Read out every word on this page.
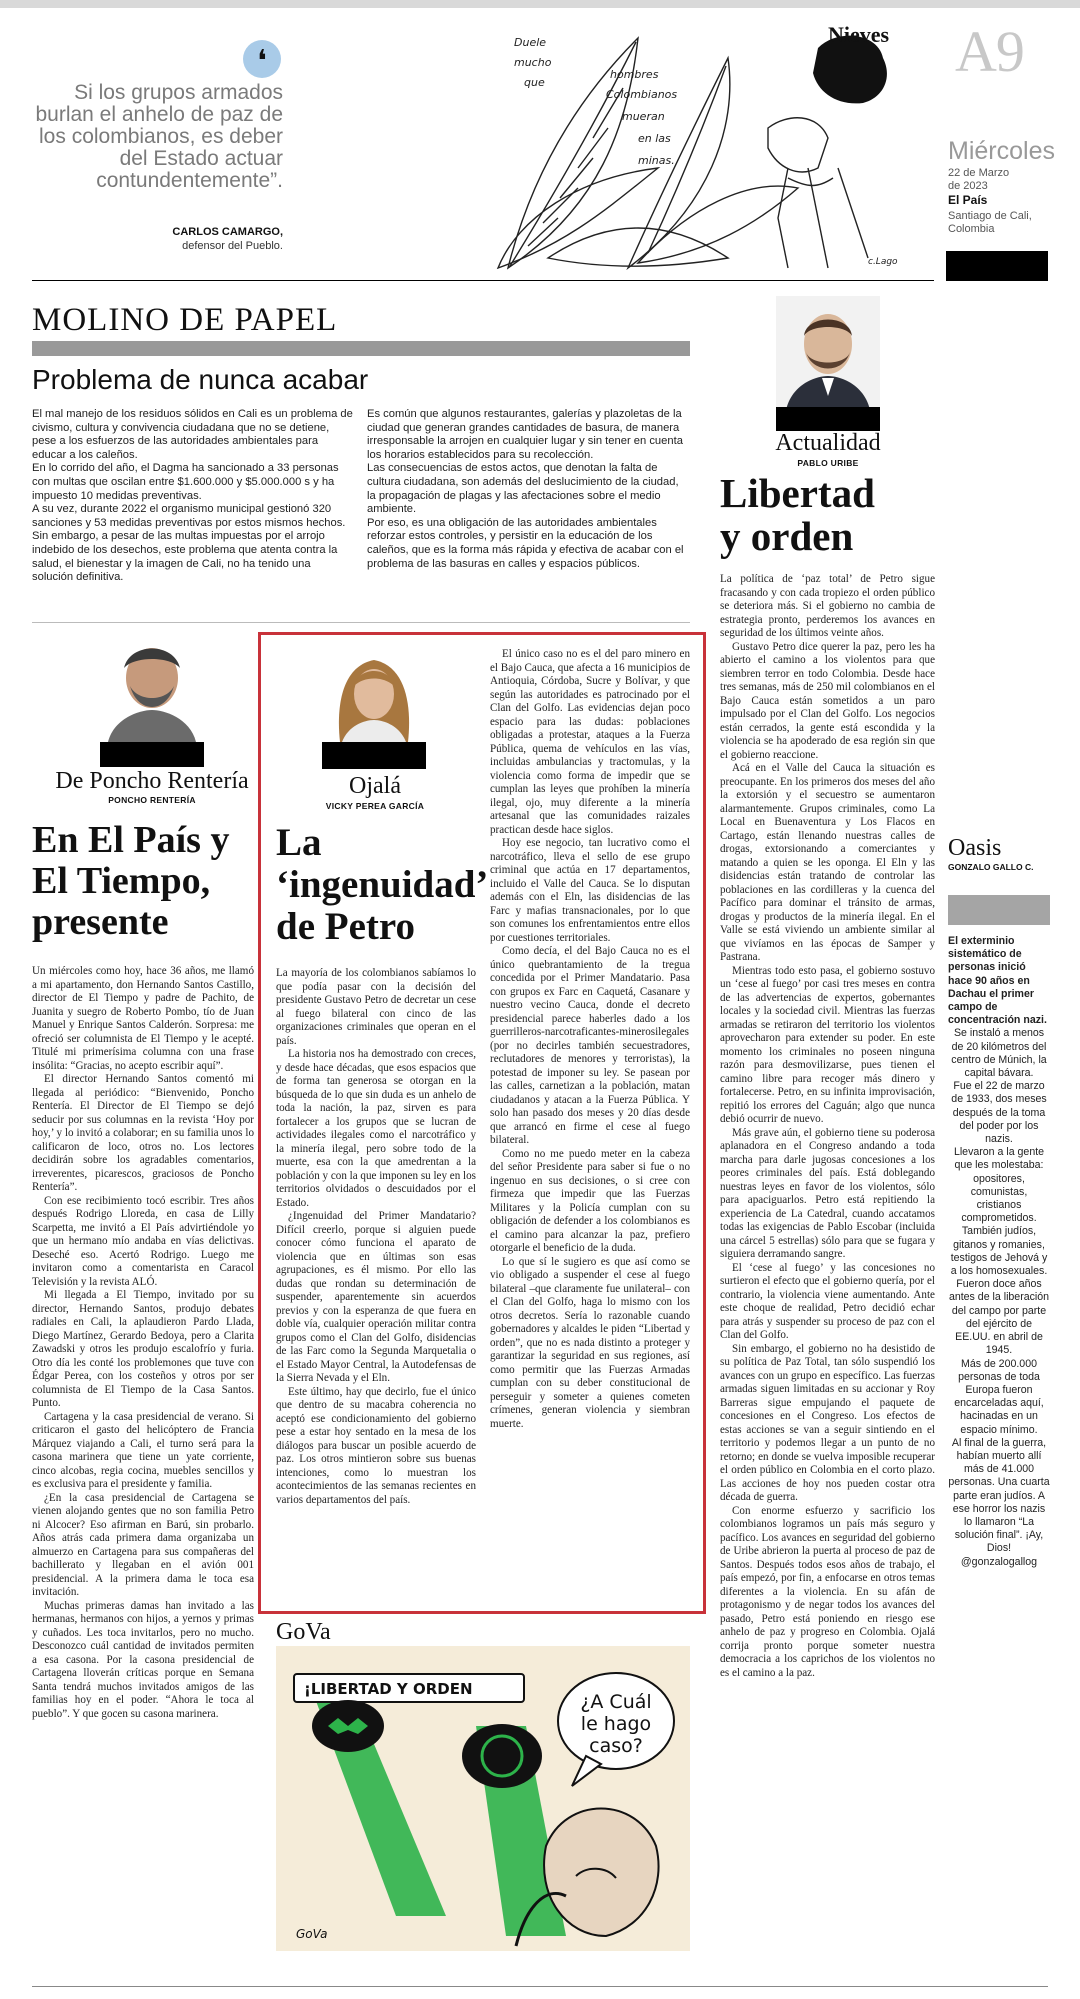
❛
Si los grupos armados burlan el anhelo de paz de los colombianos, es deber del Estado actuar contundentemente”.
CARLOS CAMARGO,
defensor del Pueblo.
Duele
mucho
que
hombres
Colombianos
mueran
en las
minas.
c.Lago
Nieves A9
Miércoles
22 de Marzo
de 2023
El País
Santiago de Cali,
Colombia
MOLINO DE PAPEL
Problema de nunca acabar

El mal manejo de los residuos sólidos en Cali es un problema de civismo, cultura y convivencia ciudadana que no se detiene, pese a los esfuerzos de las autoridades ambientales para educar a los caleños.

En lo corrido del año, el Dagma ha sancionado a 33 personas con multas que oscilan entre $1.600.000 y $5.000.000 s y ha impuesto 10 medidas preventivas.

A su vez, durante 2022 el organismo municipal gestionó 320 sanciones y 53 medidas preventivas por estos mismos hechos.

Sin embargo, a pesar de las multas impuestas por el arrojo indebido de los desechos, este problema que atenta contra la salud, el bienestar y la imagen de Cali, no ha tenido una solución definitiva.

Es común que algunos restaurantes, galerías y plazoletas de la ciudad que generan grandes cantidades de basura, de manera irresponsable la arrojen en cualquier lugar y sin tener en cuenta los horarios establecidos para su recolección.

Las consecuencias de estos actos, que denotan la falta de cultura ciudadana, son además del deslucimiento de la ciudad, la propagación de plagas y las afectaciones sobre el medio ambiente.

Por eso, es una obligación de las autoridades ambientales reforzar estos controles, y persistir en la educación de los caleños, que es la forma más rápida y efectiva de acabar con el problema de las basuras en calles y espacios públicos.

Actualidad
PABLO URIBE
Libertad
y orden

La política de ‘paz total’ de Petro sigue fracasando y con cada tropiezo el orden público se deteriora más. Si el gobierno no cambia de estrategia pronto, perderemos los avances en seguridad de los últimos veinte años.

Gustavo Petro dice querer la paz, pero les ha abierto el camino a los violentos para que siembren terror en todo Colombia. Desde hace tres semanas, más de 250 mil colombianos en el Bajo Cauca están sometidos a un paro impulsado por el Clan del Golfo. Los negocios están cerrados, la gente está escondida y la violencia se ha apoderado de esa región sin que el gobierno reaccione.

Acá en el Valle del Cauca la situación es preocupante. En los primeros dos meses del año la extorsión y el secuestro se aumentaron alarmantemente. Grupos criminales, como La Local en Buenaventura y Los Flacos en Cartago, están llenando nuestras calles de drogas, extorsionando a comerciantes y matando a quien se les oponga. El Eln y las disidencias están tratando de controlar las poblaciones en las cordilleras y la cuenca del Pacífico para dominar el tránsito de armas, drogas y productos de la minería ilegal. En el Valle se está viviendo un ambiente similar al que vivíamos en las épocas de Samper y Pastrana.

Mientras todo esto pasa, el gobierno sostuvo un ‘cese al fuego’ por casi tres meses en contra de las advertencias de expertos, gobernantes locales y la sociedad civil. Mientras las fuerzas armadas se retiraron del territorio los violentos aprovecharon para extender su poder. En este momento los criminales no poseen ninguna razón para desmovilizarse, pues tienen el camino libre para recoger más dinero y fortalecerse. Petro, en su infinita improvisación, repitió los errores del Caguán; algo que nunca debió ocurrir de nuevo.

Más grave aún, el gobierno tiene su poderosa aplanadora en el Congreso andando a toda marcha para darle jugosas concesiones a los peores criminales del país. Está doblegando nuestras leyes en favor de los violentos, sólo para apaciguarlos. Petro está repitiendo la experiencia de La Catedral, cuando accatamos todas las exigencias de Pablo Escobar (incluida una cárcel 5 estrellas) sólo para que se fugara y siguiera derramando sangre.

El ‘cese al fuego’ y las concesiones no surtieron el efecto que el gobierno quería, por el contrario, la violencia viene aumentando. Ante este choque de realidad, Petro decidió echar para atrás y suspender su proceso de paz con el Clan del Golfo.

Sin embargo, el gobierno no ha desistido de su política de Paz Total, tan sólo suspendió los avances con un grupo en específico. Las fuerzas armadas siguen limitadas en su accionar y Roy Barreras sigue empujando el paquete de concesiones en el Congreso. Los efectos de estas acciones se van a seguir sintiendo en el territorio y podemos llegar a un punto de no retorno; en donde se vuelva imposible recuperar el orden público en Colombia en el corto plazo. Las acciones de hoy nos pueden costar otra década de guerra.

Con enorme esfuerzo y sacrificio los colombianos logramos un país más seguro y pacífico. Los avances en seguridad del gobierno de Uribe abrieron la puerta al proceso de paz de Santos. Después todos esos años de trabajo, el país empezó, por fin, a enfocarse en otros temas diferentes a la violencia. En su afán de protagonismo y de negar todos los avances del pasado, Petro está poniendo en riesgo ese anhelo de paz y progreso en Colombia. Ojalá corrija pronto porque someter nuestra democracia a los caprichos de los violentos no es el camino a la paz.

De Poncho Rentería
PONCHO RENTERÍA
En El País y
El Tiempo,
presente

Un miércoles como hoy, hace 36 años, me llamó a mi apartamento, don Hernando Santos Castillo, director de El Tiempo y padre de Pachito, de Juanita y suegro de Roberto Pombo, tío de Juan Manuel y Enrique Santos Calderón. Sorpresa: me ofreció ser columnista de El Tiempo y le acepté. Titulé mi primerísima columna con una frase insólita: “Gracias, no acepto escribir aquí”.

El director Hernando Santos comentó mi llegada al periódico: “Bienvenido, Poncho Rentería. El Director de El Tiempo se dejó seducir por sus columnas en la revista ‘Hoy por hoy,’ y lo invitó a colaborar; en su familia unos lo calificaron de loco, otros no. Los lectores decidirán sobre los agradables comentarios, irreverentes, picarescos, graciosos de Poncho Rentería”.

Con ese recibimiento tocó escribir. Tres años después Rodrigo Lloreda, en casa de Lilly Scarpetta, me invitó a El País advirtiéndole yo que un hermano mío andaba en vías delictivas. Deseché eso. Acertó Rodrigo. Luego me invitaron como a comentarista en Caracol Televisión y la revista ALÓ.

Mi llegada a El Tiempo, invitado por su director, Hernando Santos, produjo debates radiales en Cali, la aplaudieron Pardo Llada, Diego Martínez, Gerardo Bedoya, pero a Clarita Zawadski y otros les produjo escalofrío y furia. Otro día les conté los problemones que tuve con Édgar Perea, con los costeños y otros por ser columnista de El Tiempo de la Casa Santos. Punto.

Cartagena y la casa presidencial de verano. Si criticaron el gasto del helicóptero de Francia Márquez viajando a Cali, el turno será para la casona marinera que tiene un yate corriente, cinco alcobas, regia cocina, muebles sencillos y es exclusiva para el presidente y familia.

¿En la casa presidencial de Cartagena se vienen alojando gentes que no son familia Petro ni Alcocer? Eso afirman en Barú, sin probarlo. Años atrás cada primera dama organizaba un almuerzo en Cartagena para sus compañeras del bachillerato y llegaban en el avión 001 presidencial. A la primera dama le toca esa invitación.

Muchas primeras damas han invitado a las hermanas, hermanos con hijos, a yernos y primas y cuñados. Les toca invitarlos, pero no mucho. Desconozco cuál cantidad de invitados permiten a esa casona. Por la casona presidencial de Cartagena lloverán críticas porque en Semana Santa tendrá muchos invitados amigos de las familias hoy en el poder. “Ahora le toca al pueblo”. Y que gocen su casona marinera.

Ojalá
VICKY PEREA GARCÍA
La
‘ingenuidad’
de Petro

La mayoría de los colombianos sabíamos lo que podía pasar con la decisión del presidente Gustavo Petro de decretar un cese al fuego bilateral con cinco de las organizaciones criminales que operan en el país.

La historia nos ha demostrado con creces, y desde hace décadas, que esos espacios que de forma tan generosa se otorgan en la búsqueda de lo que sin duda es un anhelo de toda la nación, la paz, sirven es para fortalecer a los grupos que se lucran de actividades ilegales como el narcotráfico y la minería ilegal, pero sobre todo de la muerte, esa con la que amedrentan a la población y con la que imponen su ley en los territorios olvidados o descuidados por el Estado.

¿Ingenuidad del Primer Mandatario? Difícil creerlo, porque si alguien puede conocer cómo funciona el aparato de violencia que en últimas son esas agrupaciones, es él mismo. Por ello las dudas que rondan su determinación de suspender, aparentemente sin acuerdos previos y con la esperanza de que fuera en doble vía, cualquier operación militar contra grupos como el Clan del Golfo, disidencias de las Farc como la Segunda Marquetalia o el Estado Mayor Central, la Autodefensas de la Sierra Nevada y el Eln.

Este último, hay que decirlo, fue el único que dentro de su macabra coherencia no aceptó ese condicionamiento del gobierno pese a estar hoy sentado en la mesa de los diálogos para buscar un posible acuerdo de paz. Los otros mintieron sobre sus buenas intenciones, como lo muestran los acontecimientos de las semanas recientes en varios departamentos del país.

El único caso no es el del paro minero en el Bajo Cauca, que afecta a 16 municipios de Antioquia, Córdoba, Sucre y Bolívar, y que según las autoridades es patrocinado por el Clan del Golfo. Las evidencias dejan poco espacio para las dudas: poblaciones obligadas a protestar, ataques a la Fuerza Pública, quema de vehículos en las vías, incluidas ambulancias y tractomulas, y la violencia como forma de impedir que se cumplan las leyes que prohíben la minería ilegal, ojo, muy diferente a la minería artesanal que las comunidades raizales practican desde hace siglos.

Hoy ese negocio, tan lucrativo como el narcotráfico, lleva el sello de ese grupo criminal que actúa en 17 departamentos, incluido el Valle del Cauca. Se lo disputan además con el Eln, las disidencias de las Farc y mafias transnacionales, por lo que son comunes los enfrentamientos entre ellos por cuestiones territoriales.

Como decía, el del Bajo Cauca no es el único quebrantamiento de la tregua concedida por el Primer Mandatario. Pasa con grupos ex Farc en Caquetá, Casanare y nuestro vecino Cauca, donde el decreto presidencial parece haberles dado a los guerrilleros-narcotraficantes-minerosilegales (por no decirles también secuestradores, reclutadores de menores y terroristas), la potestad de imponer su ley. Se pasean por las calles, carnetizan a la población, matan ciudadanos y atacan a la Fuerza Pública. Y solo han pasado dos meses y 20 días desde que arrancó en firme el cese al fuego bilateral.

Como no me puedo meter en la cabeza del señor Presidente para saber si fue o no ingenuo en sus decisiones, o si cree con firmeza que impedir que las Fuerzas Militares y la Policía cumplan con su obligación de defender a los colombianos es el camino para alcanzar la paz, prefiero otorgarle el beneficio de la duda.

Lo que sí le sugiero es que así como se vio obligado a suspender el cese al fuego bilateral –que claramente fue unilateral– con el Clan del Golfo, haga lo mismo con los otros decretos. Sería lo razonable cuando gobernadores y alcaldes le piden “Libertad y orden”, que no es nada distinto a proteger y garantizar la seguridad en sus regiones, así como permitir que las Fuerzas Armadas cumplan con su deber constitucional de perseguir y someter a quienes cometen crímenes, generan violencia y siembran muerte.

GoVa
¡LIBERTAD Y ORDEN
¿A Cuál
le hago
caso?
GoVa
Oasis
GONZALO GALLO C.

El exterminio sistemático de personas inició hace 90 años en Dachau el primer campo de concentración nazi.

Se instaló a menos de 20 kilómetros del centro de Múnich, la capital bávara.

Fue el 22 de marzo de 1933, dos meses después de la toma del poder por los nazis.

Llevaron a la gente que les molestaba: opositores, comunistas, cristianos comprometidos.

También judíos, gitanos y romanies, testigos de Jehová y a los homosexuales.

Fueron doce años antes de la liberación del campo por parte del ejército de EE.UU. en abril de 1945.

Más de 200.000 personas de toda Europa fueron encarceladas aquí, hacinadas en un espacio mínimo.

Al final de la guerra, habían muerto allí más de 41.000 personas. Una cuarta parte eran judíos. A ese horror los nazis lo llamaron “La solución final”. ¡Ay, Dios! @gonzalogallog
